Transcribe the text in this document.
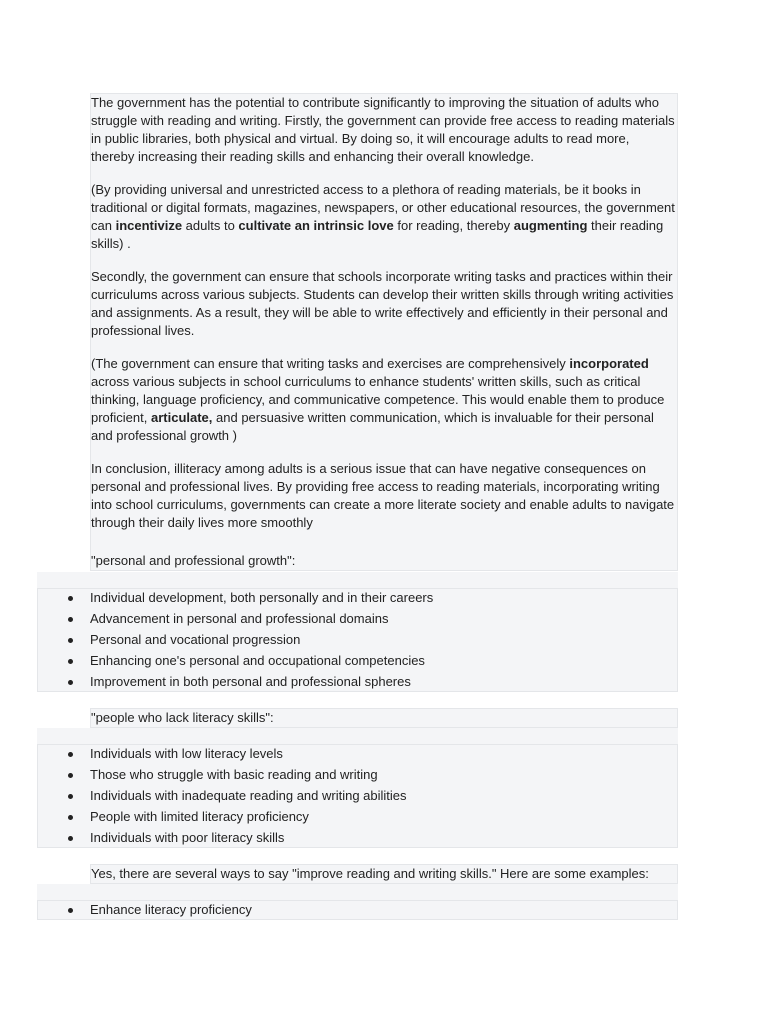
The government has the potential to contribute significantly to improving the situation of adults who struggle with reading and writing. Firstly, the government can provide free access to reading materials in public libraries, both physical and virtual. By doing so, it will encourage adults to read more, thereby increasing their reading skills and enhancing their overall knowledge.

(By providing universal and unrestricted access to a plethora of reading materials, be it books in traditional or digital formats, magazines, newspapers, or other educational resources, the government can incentivize adults to cultivate an intrinsic love for reading, thereby augmenting their reading skills) .

Secondly, the government can ensure that schools incorporate writing tasks and practices within their curriculums across various subjects. Students can develop their written skills through writing activities and assignments. As a result, they will be able to write effectively and efficiently in their personal and professional lives.

(The government can ensure that writing tasks and exercises are comprehensively incorporated across various subjects in school curriculums to enhance students' written skills, such as critical thinking, language proficiency, and communicative competence. This would enable them to produce proficient, articulate, and persuasive written communication, which is invaluable for their personal and professional growth )

In conclusion, illiteracy among adults is a serious issue that can have negative consequences on personal and professional lives. By providing free access to reading materials, incorporating writing into school curriculums, governments can create a more literate society and enable adults to navigate through their daily lives more smoothly

"personal and professional growth":

Individual development, both personally and in their careers
Advancement in personal and professional domains
Personal and vocational progression
Enhancing one's personal and occupational competencies
Improvement in both personal and professional spheres
"people who lack literacy skills":
Individuals with low literacy levels
Those who struggle with basic reading and writing
Individuals with inadequate reading and writing abilities
People with limited literacy proficiency
Individuals with poor literacy skills
Yes, there are several ways to say "improve reading and writing skills." Here are some examples:
Enhance literacy proficiency
